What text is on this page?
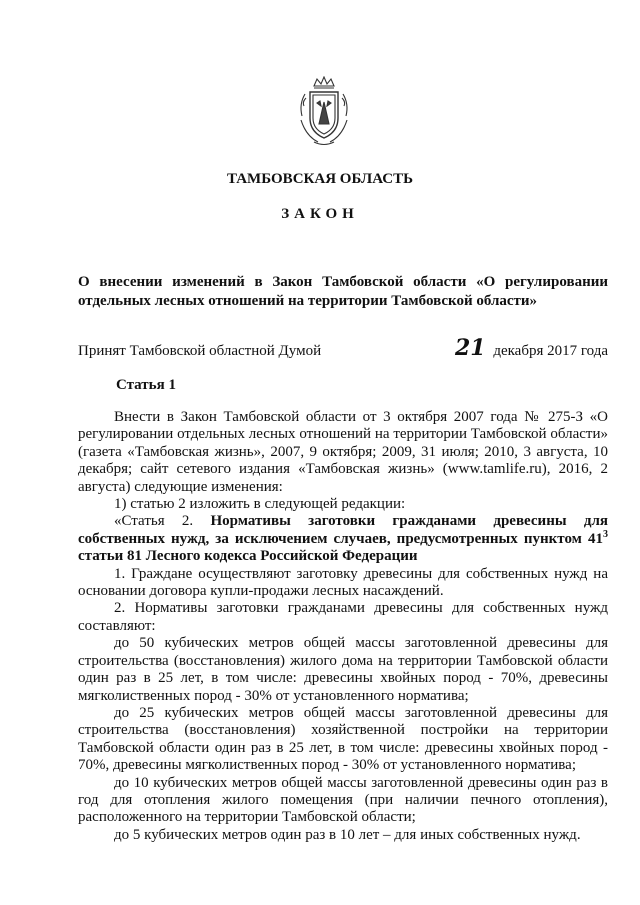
ТАМБОВСКАЯ ОБЛАСТЬ
ЗАКОН
О внесении изменений в Закон Тамбовской области «О регулировании отдельных лесных отношений на территории Тамбовской области»
Принят Тамбовской областной Думой	21 декабря 2017 года
Статья 1

Внести в Закон Тамбовской области от 3 октября 2007 года № 275-З «О регулировании отдельных лесных отношений на территории Тамбовской области» (газета «Тамбовская жизнь», 2007, 9 октября; 2009, 31 июля; 2010, 3 августа, 10 декабря; сайт сетевого издания «Тамбовская жизнь» (www.tamlife.ru), 2016, 2 августа) следующие изменения:

1) статью 2 изложить в следующей редакции:

«Статья 2. Нормативы заготовки гражданами древесины для собственных нужд, за исключением случаев, предусмотренных пунктом $41^3$ статьи 81 Лесного кодекса Российской Федерации

1. Граждане осуществляют заготовку древесины для собственных нужд на основании договора купли-продажи лесных насаждений.

2. Нормативы заготовки гражданами древесины для собственных нужд составляют:

до 50 кубических метров общей массы заготовленной древесины для строительства (восстановления) жилого дома на территории Тамбовской области один раз в 25 лет, в том числе: древесины хвойных пород - 70%, древесины мягколиственных пород - 30% от установленного норматива;

до 25 кубических метров общей массы заготовленной древесины для строительства (восстановления) хозяйственной постройки на территории Тамбовской области один раз в 25 лет, в том числе: древесины хвойных пород - 70%, древесины мягколиственных пород - 30% от установленного норматива;

до 10 кубических метров общей массы заготовленной древесины один раз в год для отопления жилого помещения (при наличии печного отопления), расположенного на территории Тамбовской области;

до 5 кубических метров один раз в 10 лет – для иных собственных нужд.
